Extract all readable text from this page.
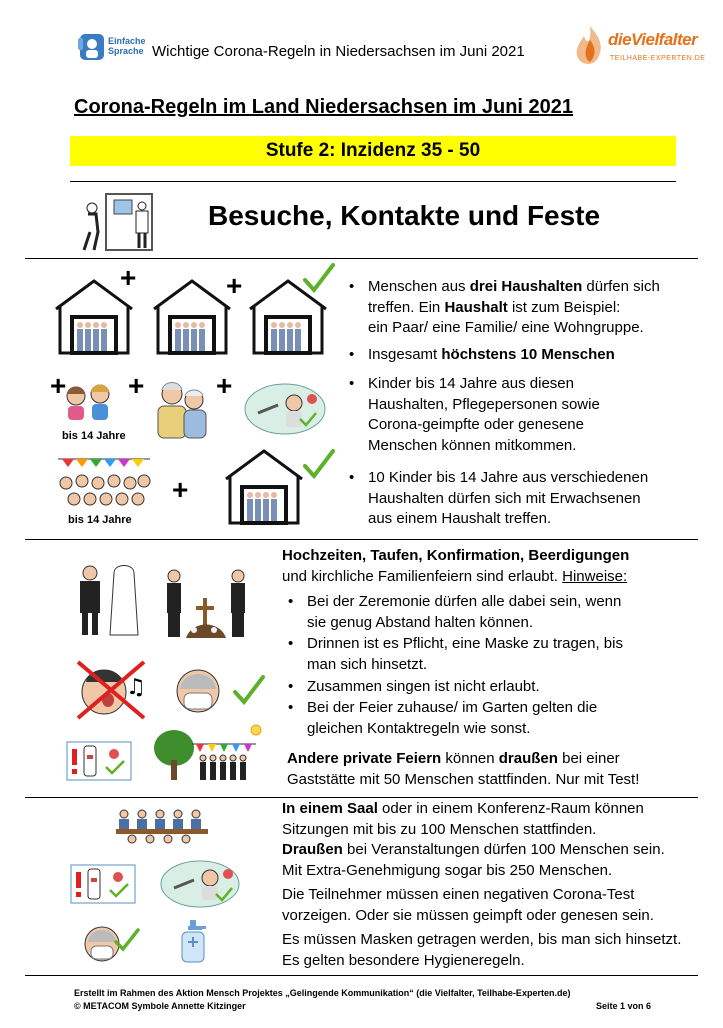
Einfache
Sprache Wichtige Corona-Regeln in Niedersachsen im Juni 2021
dieVielfalter
TEILHABE-EXPERTEN.DE
Corona-Regeln im Land Niedersachsen im Juni 2021
Stufe 2: Inzidenz 35 - 50
Besuche, Kontakte und Feste
+	+
+
bis 14 Jahre
+	+
bis 14 Jahre
+
• Menschen aus drei Haushalten dürfen sich
treffen. Ein Haushalt ist zum Beispiel:
ein Paar/ eine Familie/ eine Wohngruppe.
• Insgesamt höchstens 10 Menschen
• Kinder bis 14 Jahre aus diesen
Haushalten, Pflegepersonen sowie
Corona-geimpfte oder genesene
Menschen können mitkommen.
• 10 Kinder bis 14 Jahre aus verschiedenen
Haushalten dürfen sich mit Erwachsenen
aus einem Haushalt treffen.
♫
Hochzeiten, Taufen, Konfirmation, Beerdigungen
und kirchliche Familienfeiern sind erlaubt. Hinweise:
• Bei der Zeremonie dürfen alle dabei sein, wenn
sie genug Abstand halten können.
• Drinnen ist es Pflicht, eine Maske zu tragen, bis
man sich hinsetzt.
• Zusammen singen ist nicht erlaubt.
• Bei der Feier zuhause/ im Garten gelten die
gleichen Kontaktregeln wie sonst.
Andere private Feiern können draußen bei einer
Gaststätte mit 50 Menschen stattfinden. Nur mit Test!
In einem Saal oder in einem Konferenz-Raum können
Sitzungen mit bis zu 100 Menschen stattfinden.
Draußen bei Veranstaltungen dürfen 100 Menschen sein.
Mit Extra-Genehmigung sogar bis 250 Menschen.
Die Teilnehmer müssen einen negativen Corona-Test
vorzeigen. Oder sie müssen geimpft oder genesen sein.
Es müssen Masken getragen werden, bis man sich hinsetzt.
Es gelten besondere Hygieneregeln.
Erstellt im Rahmen des Aktion Mensch Projektes „Gelingende Kommunikation“ (die Vielfalter, Teilhabe-Experten.de)
© METACOM Symbole Annette Kitzinger	Seite 1 von 6
